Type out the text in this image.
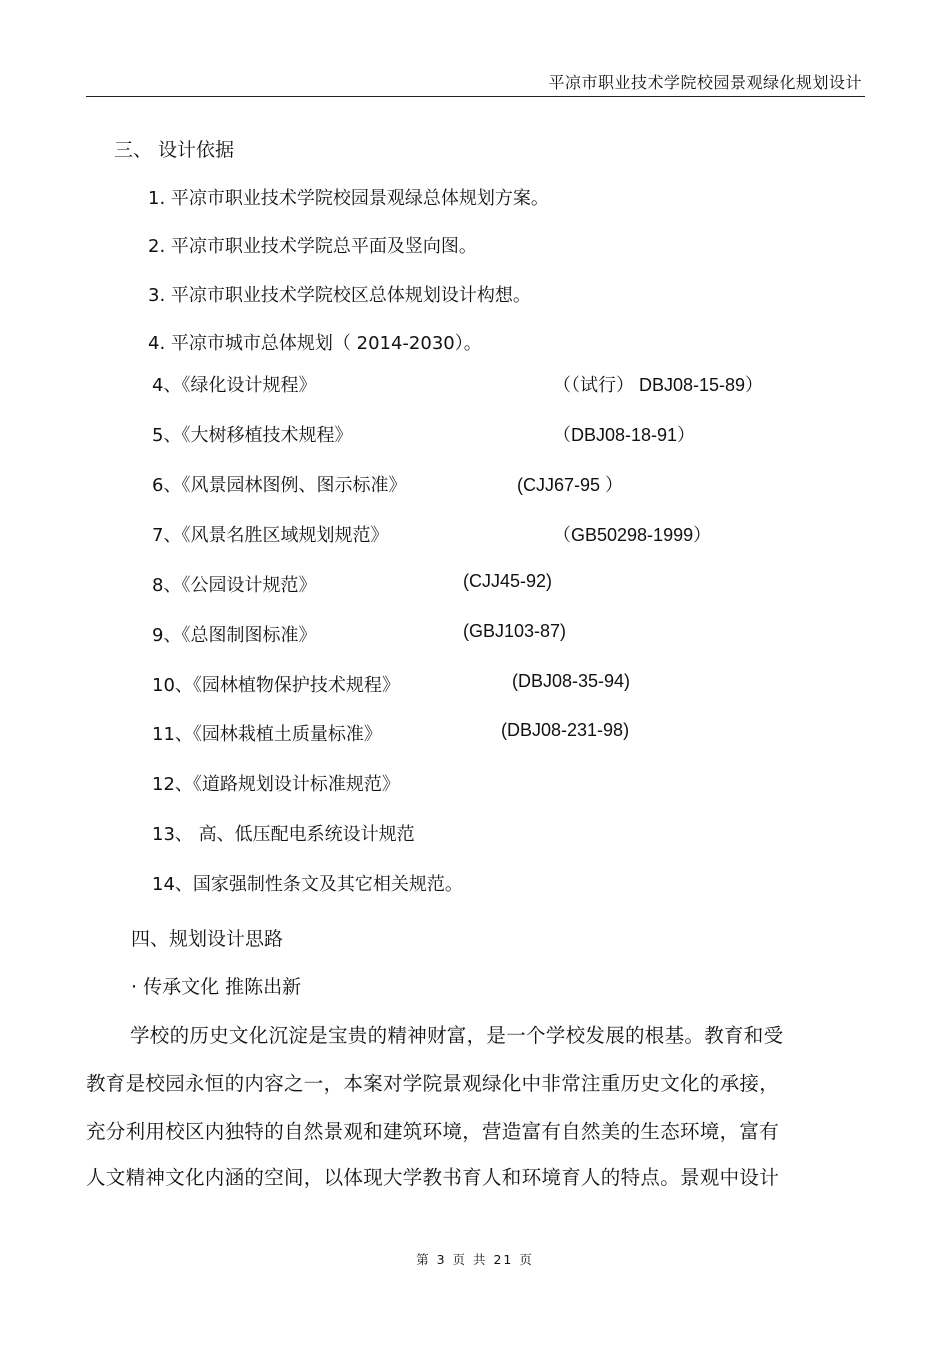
平凉市职业技术学院校园景观绿化规划设计
三、 设计依据
1. 平凉市职业技术学院校园景观绿总体规划方案。
2. 平凉市职业技术学院总平面及竖向图。
3. 平凉市职业技术学院校区总体规划设计构想。
4. 平凉市城市总体规划（ 2014-2030）。
4、《绿化设计规程》	（（试行） DBJ08-15-89）
5、《大树移植技术规程》	（DBJ08-18-91）
6、《风景园林图例、图示标准》	(CJJ67-95 ）
7、《风景名胜区域规划规范》	（GB50298-1999）
8、《公园设计规范》	(CJJ45-92)
9、《总图制图标准》	(GBJ103-87)
10、《园林植物保护技术规程》	(DBJ08-35-94)
11、《园林栽植土质量标准》	(DBJ08-231-98)
12、《道路规划设计标准规范》
13、 高、低压配电系统设计规范
14、国家强制性条文及其它相关规范。
四、规划设计思路
· 传承文化 推陈出新
学校的历史文化沉淀是宝贵的精神财富，是一个学校发展的根基。教育和受
教育是校园永恒的内容之一，本案对学院景观绿化中非常注重历史文化的承接，
充分利用校区内独特的自然景观和建筑环境，营造富有自然美的生态环境，富有
人文精神文化内涵的空间，以体现大学教书育人和环境育人的特点。景观中设计
第 3 页 共 21 页
